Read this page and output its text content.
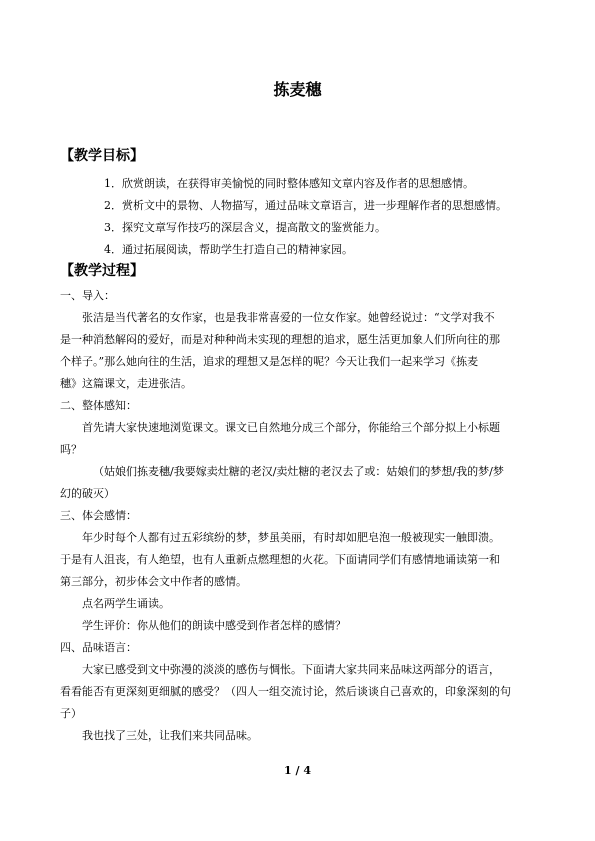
拣麦穗
【教学目标】
1．欣赏朗读，在获得审美愉悦的同时整体感知文章内容及作者的思想感情。
2．赏析文中的景物、人物描写，通过品味文章语言，进一步理解作者的思想感情。
3．探究文章写作技巧的深层含义，提高散文的鉴赏能力。
4．通过拓展阅读，帮助学生打造自己的精神家园。
【教学过程】
一、导入：
张洁是当代著名的女作家，也是我非常喜爱的一位女作家。她曾经说过：“文学对我不
是一种消愁解闷的爱好，而是对种种尚未实现的理想的追求，愿生活更加象人们所向往的那
个样子。”那么她向往的生活，追求的理想又是怎样的呢？今天让我们一起来学习《拣麦
穗》这篇课文，走进张洁。
二、整体感知：
首先请大家快速地浏览课文。课文已自然地分成三个部分，你能给三个部分拟上小标题
吗？
（姑娘们拣麦穗/我要嫁卖灶糖的老汉/卖灶糖的老汉去了或：姑娘们的梦想/我的梦/梦
幻的破灭）
三、体会感情：
年少时每个人都有过五彩缤纷的梦，梦虽美丽，有时却如肥皂泡一般被现实一触即溃。
于是有人沮丧，有人绝望，也有人重新点燃理想的火花。下面请同学们有感情地诵读第一和
第三部分，初步体会文中作者的感情。
点名两学生诵读。
学生评价：你从他们的朗读中感受到作者怎样的感情？
四、品味语言：
大家已感受到文中弥漫的淡淡的感伤与惆怅。下面请大家共同来品味这两部分的语言，
看看能否有更深刻更细腻的感受？（四人一组交流讨论，然后谈谈自己喜欢的，印象深刻的句
子）
我也找了三处，让我们来共同品味。
1 / 4
